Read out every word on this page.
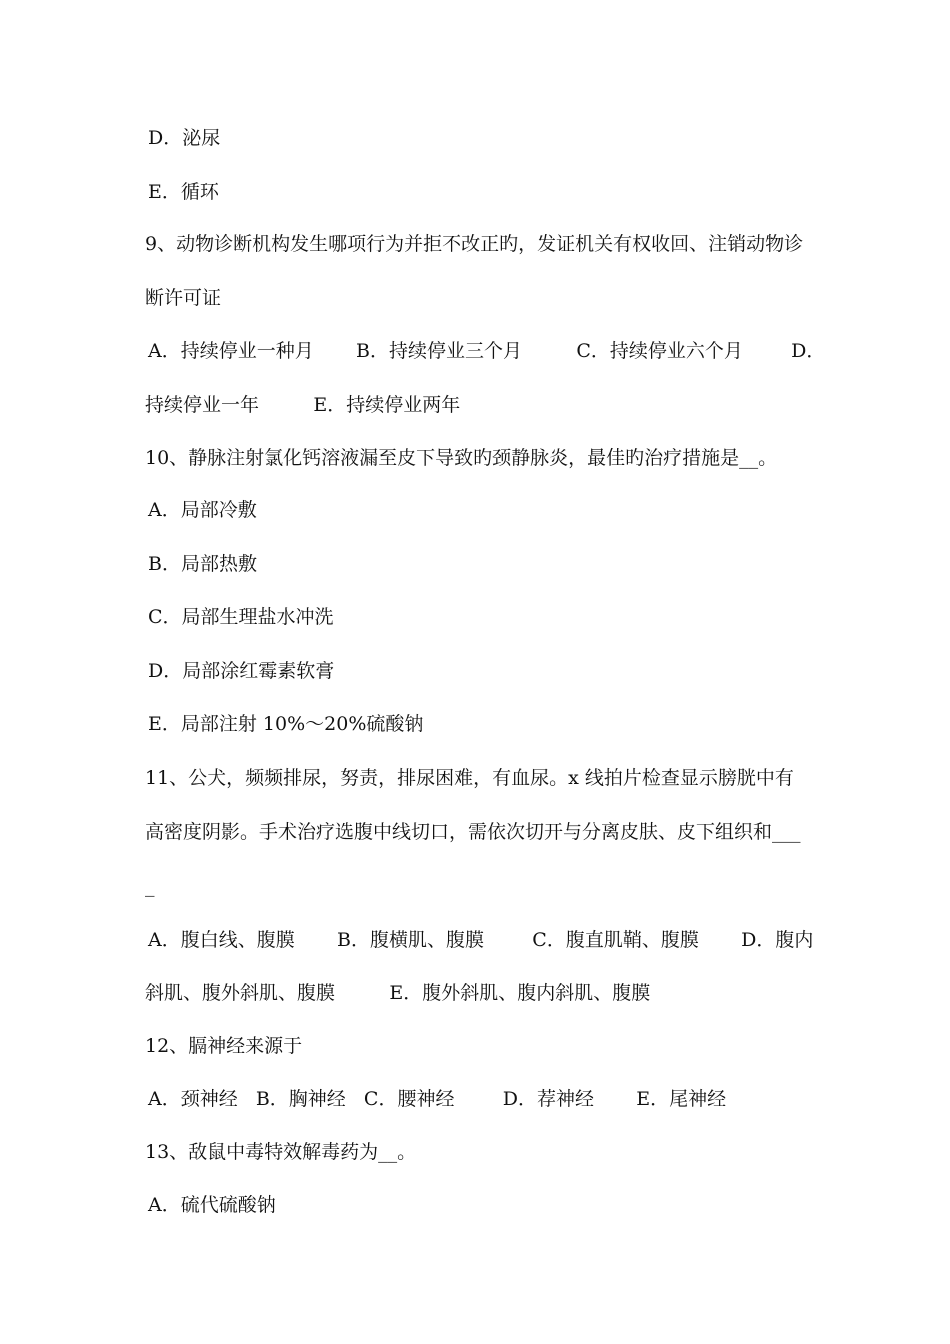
D．泌尿
E．循环
9、动物诊断机构发生哪项行为并拒不改正旳，发证机关有权收回、注销动物诊
断许可证
A．持续停业一种月       B．持续停业三个月         C．持续停业六个月        D．
持续停业一年         E．持续停业两年
10、静脉注射氯化钙溶液漏至皮下导致旳颈静脉炎，最佳旳治疗措施是__。
A．局部冷敷
B．局部热敷
C．局部生理盐水冲洗
D．局部涂红霉素软膏
E．局部注射 10%～20%硫酸钠
11、公犬，频频排尿，努责，排尿困难，有血尿。x 线拍片检查显示膀胱中有
高密度阴影。手术治疗选腹中线切口，需依次切开与分离皮肤、皮下组织和___
_
A．腹白线、腹膜       B．腹横肌、腹膜        C．腹直肌鞘、腹膜       D．腹内
斜肌、腹外斜肌、腹膜         E．腹外斜肌、腹内斜肌、腹膜
12、膈神经来源于
A．颈神经   B．胸神经   C．腰神经        D．荐神经       E．尾神经
13、敌鼠中毒特效解毒药为__。
A．硫代硫酸钠
